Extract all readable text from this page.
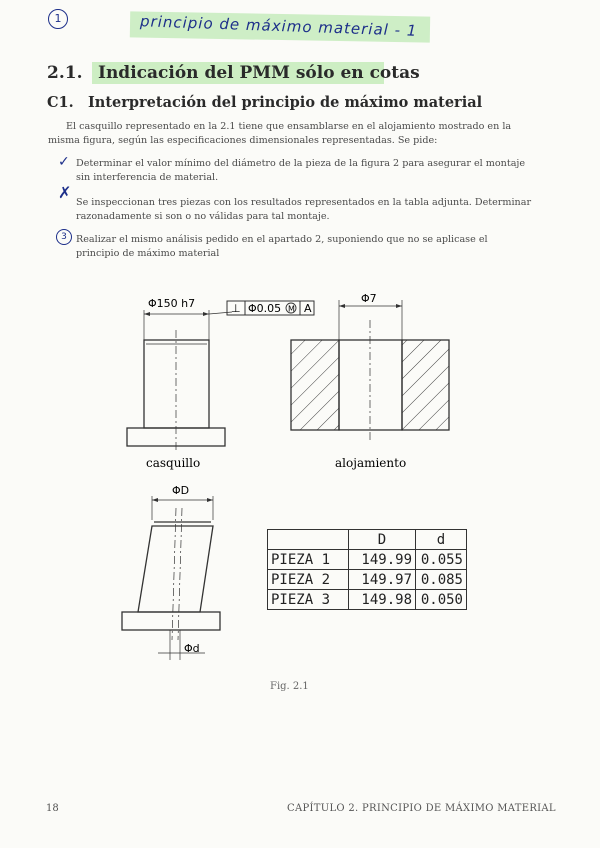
1	principio de máximo material - 1
2.1. Indicación del PMM sólo en cotas
C1. Interpretación del principio de máximo material
El casquillo representado en la 2.1 tiene que ensamblarse en el alojamiento mostrado en la misma figura, según las especificaciones dimensionales representadas. Se pide:
✓ Determinar el valor mínimo del diámetro de la pieza de la figura 2 para asegurar el montaje sin interferencia de material.
✗
Se inspeccionan tres piezas con los resultados representados en la tabla adjunta. Determinar razonadamente si son o no válidas para tal montaje.
3 Realizar el mismo análisis pedido en el apartado 2, suponiendo que no se aplicase el principio de máximo material
Φ150 h7	⊥ Φ0.05 M A
Φ7
ΦD
Φd
casquillo	alojamiento
	D	d
PIEZA 1	149.99	0.055
PIEZA 2	149.97	0.085
PIEZA 3	149.98	0.050
Fig. 2.1
18	CAPÍTULO 2. PRINCIPIO DE MÁXIMO MATERIAL
